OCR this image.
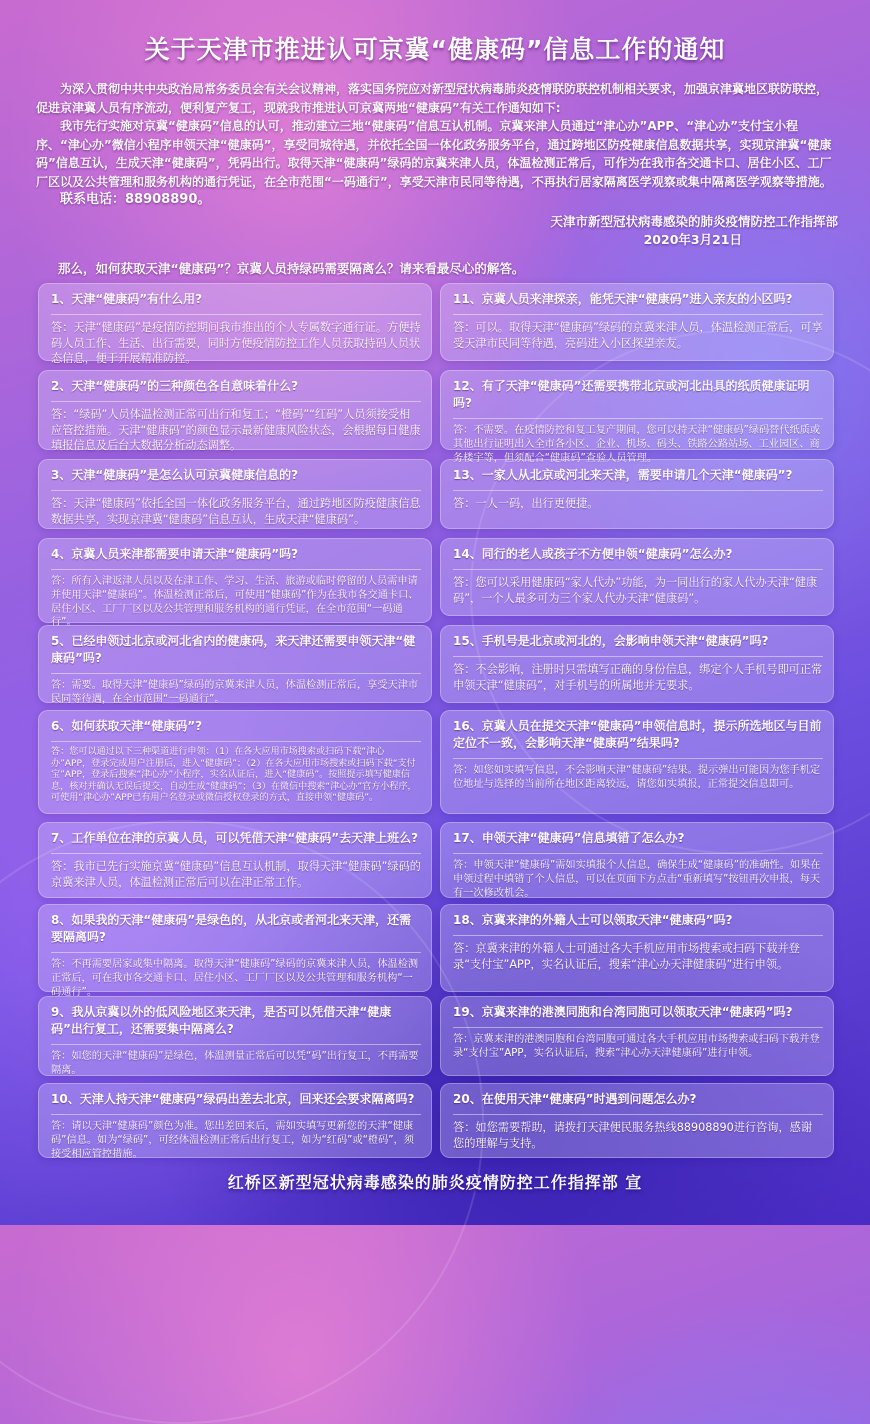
关于天津市推进认可京冀“健康码”信息工作的通知

为深入贯彻中共中央政治局常务委员会有关会议精神，落实国务院应对新型冠状病毒肺炎疫情联防联控机制相关要求，加强京津冀地区联防联控，促进京津冀人员有序流动，便利复产复工，现就我市推进认可京冀两地“健康码”有关工作通知如下:

我市先行实施对京冀“健康码”信息的认可，推动建立三地“健康码”信息互认机制。京冀来津人员通过“津心办”APP、“津心办”支付宝小程序、“津心办”微信小程序申领天津“健康码”，享受同城待遇，并依托全国一体化政务服务平台，通过跨地区防疫健康信息数据共享，实现京津冀“健康码”信息互认，生成天津“健康码”，凭码出行。取得天津“健康码”绿码的京冀来津人员，体温检测正常后，可作为在我市各交通卡口、居住小区、工厂厂区以及公共管理和服务机构的通行凭证，在全市范围“一码通行”，享受天津市民同等待遇，不再执行居家隔离医学观察或集中隔离医学观察等措施。

联系电话：88908890。

天津市新型冠状病毒感染的肺炎疫情防控工作指挥部
2020年3月21日
那么，如何获取天津“健康码”？京冀人员持绿码需要隔离么？请来看最尽心的解答。
1、天津“健康码”有什么用?
答：天津“健康码”是疫情防控期间我市推出的个人专属数字通行证。方便持码人员工作、生活、出行需要，同时方便疫情防控工作人员获取持码人员状态信息，便于开展精准防控。
2、天津“健康码”的三种颜色各自意味着什么?
答：“绿码”人员体温检测正常可出行和复工；“橙码”“红码”人员须接受相应管控措施。天津“健康码”的颜色显示最新健康风险状态，会根据每日健康填报信息及后台大数据分析动态调整。
3、天津“健康码”是怎么认可京冀健康信息的?
答：天津“健康码”依托全国一体化政务服务平台，通过跨地区防疫健康信息数据共享，实现京津冀“健康码”信息互认，生成天津“健康码”。
4、京冀人员来津都需要申请天津“健康码”吗?
答：所有入津返津人员以及在津工作、学习、生活、旅游或临时停留的人员需申请并使用天津“健康码”。体温检测正常后，可使用“健康码”作为在我市各交通卡口、居住小区、工厂厂区以及公共管理和服务机构的通行凭证，在全市范围“一码通行”。
5、已经申领过北京或河北省内的健康码，来天津还需要申领天津“健康码”吗?
答：需要。取得天津“健康码”绿码的京冀来津人员，体温检测正常后，享受天津市民同等待遇，在全市范围“一码通行”。
6、如何获取天津“健康码”?
答：您可以通过以下三种渠道进行申领：（1）在各大应用市场搜索或扫码下载“津心办”APP，登录完成用户注册后，进入“健康码”；（2）在各大应用市场搜索或扫码下载“支付宝”APP，登录后搜索“津心办”小程序，实名认证后，进入“健康码”。按照提示填写健康信息，核对并确认无误后提交，自动生成“健康码”；（3）在微信中搜索“津心办”官方小程序，可使用“津心办”APP已有用户名登录或微信授权登录的方式，直接申领“健康码”。
7、工作单位在津的京冀人员，可以凭借天津“健康码”去天津上班么?
答：我市已先行实施京冀“健康码”信息互认机制，取得天津“健康码”绿码的京冀来津人员，体温检测正常后可以在津正常工作。
8、如果我的天津“健康码”是绿色的，从北京或者河北来天津，还需要隔离吗?
答：不再需要居家或集中隔离。取得天津“健康码”绿码的京冀来津人员，体温检测正常后，可在我市各交通卡口、居住小区、工厂厂区以及公共管理和服务机构“一码通行”。
9、我从京冀以外的低风险地区来天津，是否可以凭借天津“健康码”出行复工，还需要集中隔离么?
答：如您的天津“健康码”是绿色，体温测量正常后可以凭“码”出行复工，不再需要隔离。
10、天津人持天津“健康码”绿码出差去北京，回来还会要求隔离吗?
答：请以天津“健康码”颜色为准。您出差回来后，需如实填写更新您的天津“健康码”信息。如为“绿码”，可经体温检测正常后出行复工，如为“红码”或“橙码”，须接受相应管控措施。
11、京冀人员来津探亲，能凭天津“健康码”进入亲友的小区吗?
答：可以。取得天津“健康码”绿码的京冀来津人员，体温检测正常后，可享受天津市民同等待遇，亮码进入小区探望亲友。
12、有了天津“健康码”还需要携带北京或河北出具的纸质健康证明吗?
答：不需要。在疫情防控和复工复产期间，您可以持天津“健康码”绿码替代纸质或其他出行证明出入全市各小区、企业、机场、码头、铁路公路站场、工业园区、商务楼宇等，但须配合“健康码”查验人员管理。
13、一家人从北京或河北来天津，需要申请几个天津“健康码”?
答：一人一码，出行更便捷。
14、同行的老人或孩子不方便申领“健康码”怎么办?
答：您可以采用健康码“家人代办”功能，为一同出行的家人代办天津“健康码”，一个人最多可为三个家人代办天津“健康码”。
15、手机号是北京或河北的，会影响申领天津“健康码”吗?
答：不会影响，注册时只需填写正确的身份信息，绑定个人手机号即可正常申领天津“健康码”，对手机号的所属地并无要求。
16、京冀人员在提交天津“健康码”申领信息时，提示所选地区与目前定位不一致，会影响天津“健康码”结果吗?
答：如您如实填写信息，不会影响天津“健康码”结果。提示弹出可能因为您手机定位地址与选择的当前所在地区距离较远，请您如实填报，正常提交信息即可。
17、申领天津“健康码”信息填错了怎么办?
答：申领天津“健康码”需如实填报个人信息，确保生成“健康码”的准确性。如果在申领过程中填错了个人信息，可以在页面下方点击“重新填写”按钮再次申报，每天有一次修改机会。
18、京冀来津的外籍人士可以领取天津“健康码”吗?
答：京冀来津的外籍人士可通过各大手机应用市场搜索或扫码下载并登录“支付宝”APP，实名认证后，搜索“津心办天津健康码”进行申领。
19、京冀来津的港澳同胞和台湾同胞可以领取天津“健康码”吗?
答：京冀来津的港澳同胞和台湾同胞可通过各大手机应用市场搜索或扫码下载并登录“支付宝”APP，实名认证后，搜索“津心办天津健康码”进行申领。
20、在使用天津“健康码”时遇到问题怎么办?
答：如您需要帮助，请拨打天津便民服务热线88908890进行咨询，感谢您的理解与支持。
红桥区新型冠状病毒感染的肺炎疫情防控工作指挥部 宣
